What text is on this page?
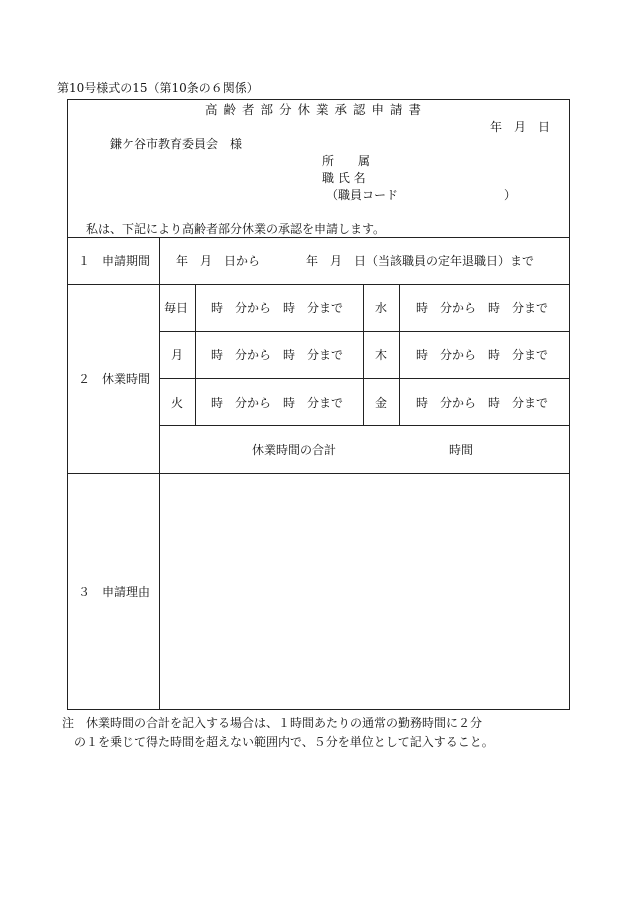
第10号様式の15（第10条の６関係）
高齢者部分休業承認申請書
年　月　日
鎌ケ谷市教育委員会　様
所　　属
職 氏 名
（職員コード	）
私は、下記により高齢者部分休業の承認を申請します。
１　申請期間 年　月　日から	年　月　日（当該職員の定年退職日）まで
２　休業時間
毎日 時　分から　時　分まで	水 時　分から　時　分まで
月 時　分から　時　分まで	木 時　分から　時　分まで
火 時　分から　時　分まで	金 時　分から　時　分まで
休業時間の合計	時間
３　申請理由
注　休業時間の合計を記入する場合は、１時間あたりの通常の勤務時間に２分
の１を乗じて得た時間を超えない範囲内で、５分を単位として記入すること。
